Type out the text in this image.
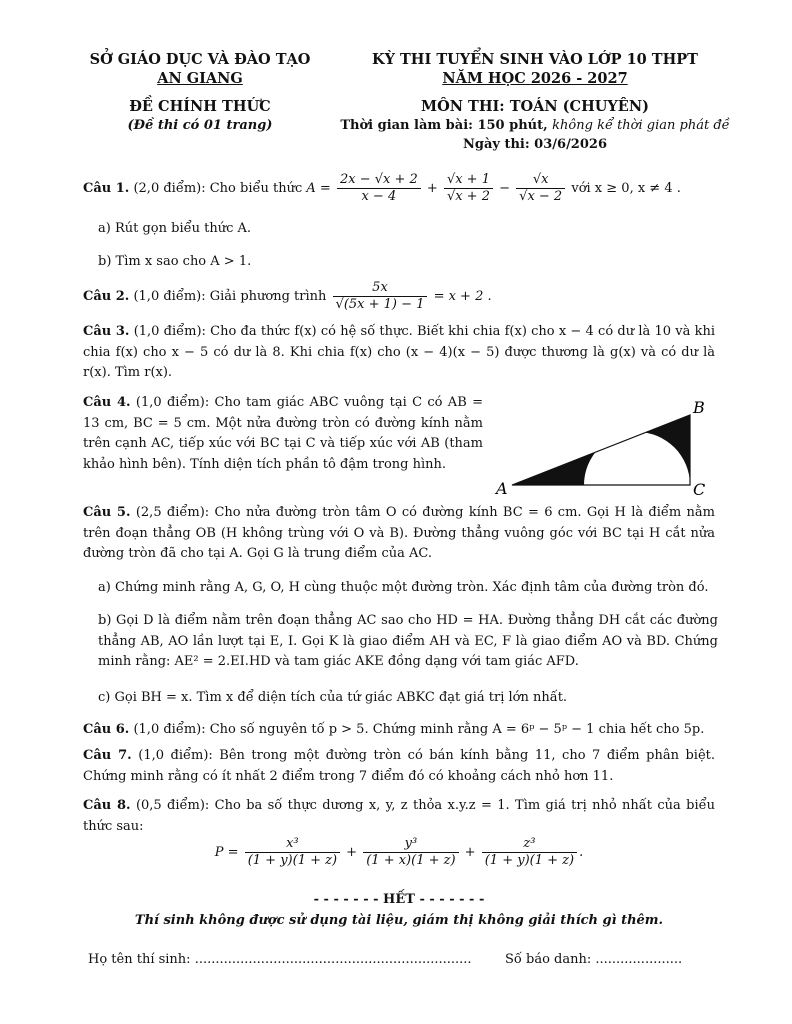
SỞ GIÁO DỤC VÀ ĐÀO TẠO
AN GIANG
ĐỀ CHÍNH THỨC
(Đề thi có 01 trang)
KỲ THI TUYỂN SINH VÀO LỚP 10 THPT
NĂM HỌC 2026 - 2027
MÔN THI: TOÁN (CHUYÊN)
Thời gian làm bài: 150 phút, không kể thời gian phát đề
Ngày thi: 03/6/2026
Câu 1. (2,0 điểm): Cho biểu thức $A = \frac{2x - √x + 2}{x - 4} + \frac{√x + 1}{√x + 2} - \frac{√x}{√x - 2}$ với x ≥ 0, x ≠ 4 .
a) Rút gọn biểu thức A.
b) Tìm x sao cho A > 1.
Câu 2. (1,0 điểm): Giải phương trình $\frac{5x}{√(5x + 1) - 1} = x + 2$ .
Câu 3. (1,0 điểm): Cho đa thức f(x) có hệ số thực. Biết khi chia f(x) cho x − 4 có dư là 10 và khi chia f(x) cho x − 5 có dư là 8. Khi chia f(x) cho (x − 4)(x − 5) được thương là g(x) và có dư là r(x). Tìm r(x).
Câu 4. (1,0 điểm): Cho tam giác ABC vuông tại C có AB = 13 cm, BC = 5 cm. Một nửa đường tròn có đường kính nằm trên cạnh AC, tiếp xúc với BC tại C và tiếp xúc với AB (tham khảo hình bên). Tính diện tích phần tô đậm trong hình.
A
B
C
Câu 5. (2,5 điểm): Cho nửa đường tròn tâm O có đường kính BC = 6 cm. Gọi H là điểm nằm trên đoạn thẳng OB (H không trùng với O và B). Đường thẳng vuông góc với BC tại H cắt nửa đường tròn đã cho tại A. Gọi G là trung điểm của AC.
a) Chứng minh rằng A, G, O, H cùng thuộc một đường tròn. Xác định tâm của đường tròn đó.
b) Gọi D là điểm nằm trên đoạn thẳng AC sao cho HD = HA. Đường thẳng DH cắt các đường thẳng AB, AO lần lượt tại E, I. Gọi K là giao điểm AH và EC, F là giao điểm AO và BD. Chứng minh rằng: AE² = 2.EI.HD và tam giác AKE đồng dạng với tam giác AFD.
c) Gọi BH = x. Tìm x để diện tích của tứ giác ABKC đạt giá trị lớn nhất.
Câu 6. (1,0 điểm): Cho số nguyên tố p > 5. Chứng minh rằng A = 6ᵖ − 5ᵖ − 1 chia hết cho 5p.
Câu 7. (1,0 điểm): Bên trong một đường tròn có bán kính bằng 11, cho 7 điểm phân biệt. Chứng minh rằng có ít nhất 2 điểm trong 7 điểm đó có khoảng cách nhỏ hơn 11.
Câu 8. (0,5 điểm): Cho ba số thực dương x, y, z thỏa x.y.z = 1. Tìm giá trị nhỏ nhất của biểu thức sau:
$P = \frac{\text{x³}}{(1 + y)(1 + z)} + \frac{\text{y³}}{(1 + x)(1 + z)} + \frac{\text{z³}}{(1 + y)(1 + z)}$ .
- - - - - - - HẾT - - - - - - -
Thí sinh không được sử dụng tài liệu, giám thị không giải thích gì thêm.
Họ tên thí sinh: ...................................................................	Số báo danh: .....................
